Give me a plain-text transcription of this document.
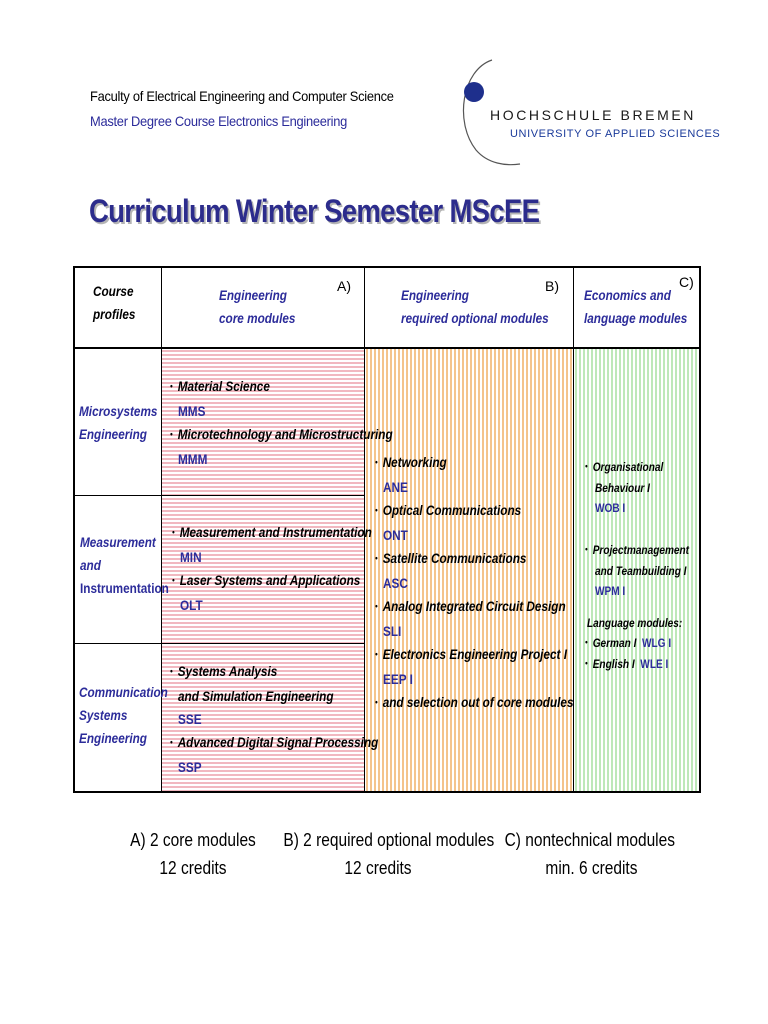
Faculty of Electrical Engineering and Computer Science
Master Degree Course Electronics Engineering	HOCHSCHULE BREMEN
UNIVERSITY OF APPLIED SCIENCES
Curriculum Winter Semester MScEE
Course
profiles
Engineering
core modules
A)
Engineering
required optional modules
B)
Economics and
language modules
C)
Microsystems
Engineering
Measurement
and
Instrumentation
Communication
Systems
Engineering
• Material Science
MMS
• Microtechnology and Microstructuring
MMM
• Measurement and Instrumentation
MIN
• Laser Systems and Applications
OLT
• Systems Analysis
and Simulation Engineering
SSE
• Advanced Digital Signal Processing
SSP
• Networking
ANE
• Optical Communications
ONT
• Satellite Communications
ASC
• Analog Integrated Circuit Design
SLI
• Electronics Engineering Project I
EEP I
• and selection out of core modules
• Organisational
Behaviour I
WOB I

• Projectmanagement
and Teambuilding I
WPM I

Language modules:
• German I WLG I
• English I WLE I
A) 2 core modules
12 credits
B) 2 required optional modules
12 credits
C) nontechnical modules
min. 6 credits
